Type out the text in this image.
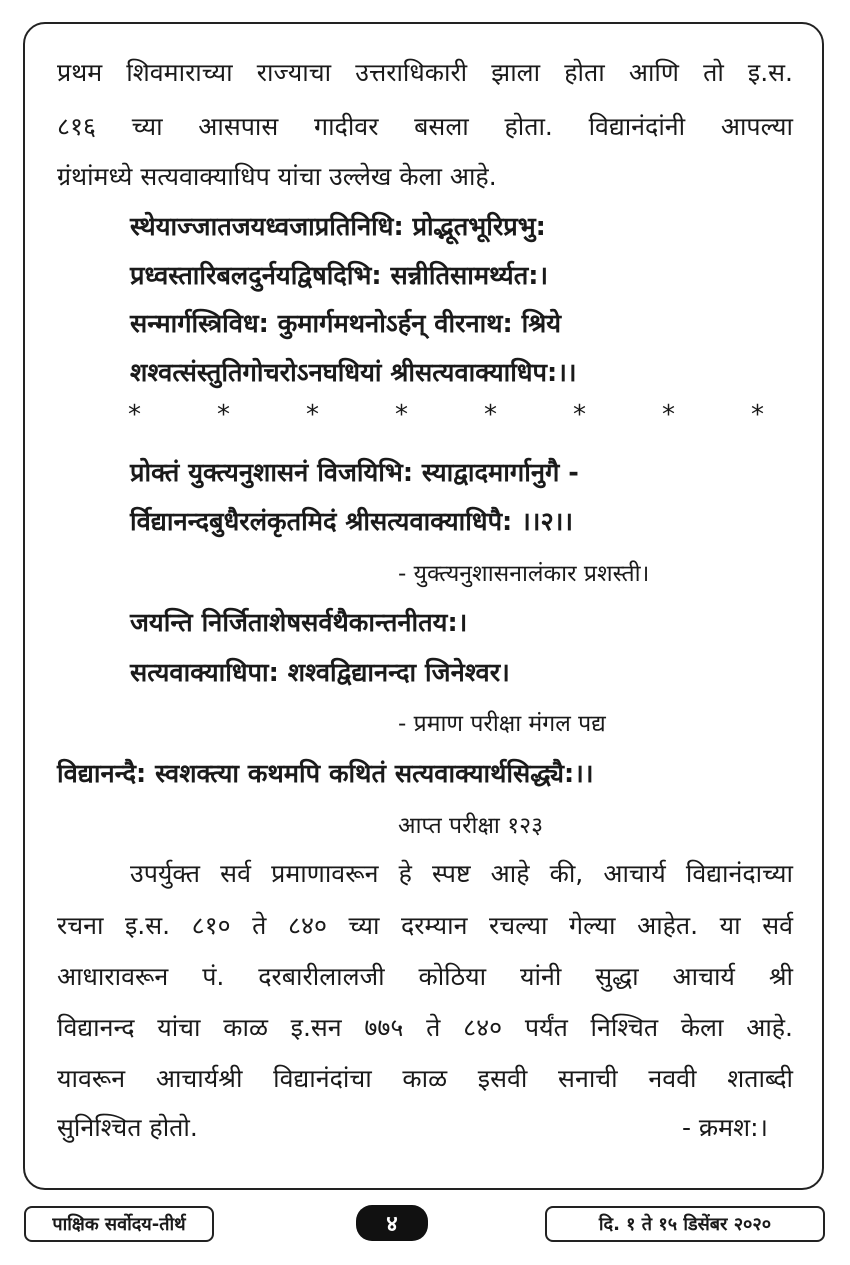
प्रथम शिवमाराच्या राज्याचा उत्तराधिकारी झाला होता आणि तो इ.स.
८१६ च्या आसपास गादीवर बसला होता. विद्यानंदांनी आपल्या
ग्रंथांमध्ये सत्यवाक्याधिप यांचा उल्लेख केला आहे.
स्थेयाज्जातजयध्वजाप्रतिनिधि: प्रोद्भूतभूरिप्रभु:
प्रध्वस्तारिबलदुर्नयद्विषदिभि: सन्नीतिसामर्थ्यत:।
सन्मार्गस्त्रिविध: कुमार्गमथनोऽर्हन् वीरनाथ: श्रिये
शश्वत्संस्तुतिगोचरोऽनघधियां श्रीसत्यवाक्याधिप:।।
*	*	*	*	*	*	*	*
प्रोक्तं युक्त्यनुशासनं विजयिभि: स्याद्वादमार्गानुगै -
र्विद्यानन्दबुधैरलंकृतमिदं श्रीसत्यवाक्याधिपै: ।।२।।
- युक्त्यनुशासनालंकार प्रशस्ती।
जयन्ति निर्जिताशेषसर्वथैकान्तनीतय:।
सत्यवाक्याधिपा: शश्वद्विद्यानन्दा जिनेश्वर।
- प्रमाण परीक्षा मंगल पद्य
विद्यानन्दै: स्वशक्त्या कथमपि कथितं सत्यवाक्यार्थसिद्ध्यै:।।
आप्त परीक्षा १२३
उपर्युक्त सर्व प्रमाणावरून हे स्पष्ट आहे की, आचार्य विद्यानंदाच्या
रचना इ.स. ८१० ते ८४० च्या दरम्यान रचल्या गेल्या आहेत. या सर्व
आधारावरून पं. दरबारीलालजी कोठिया यांनी सुद्धा आचार्य श्री
विद्यानन्द यांचा काळ इ.सन ७७५ ते ८४० पर्यंत निश्चित केला आहे.
यावरून आचार्यश्री विद्यानंदांचा काळ इसवी सनाची नववी शताब्दी
सुनिश्चित होतो.	- क्रमश:।
पाक्षिक सर्वोदय-तीर्थ	४	दि. १ ते १५ डिसेंबर २०२०
